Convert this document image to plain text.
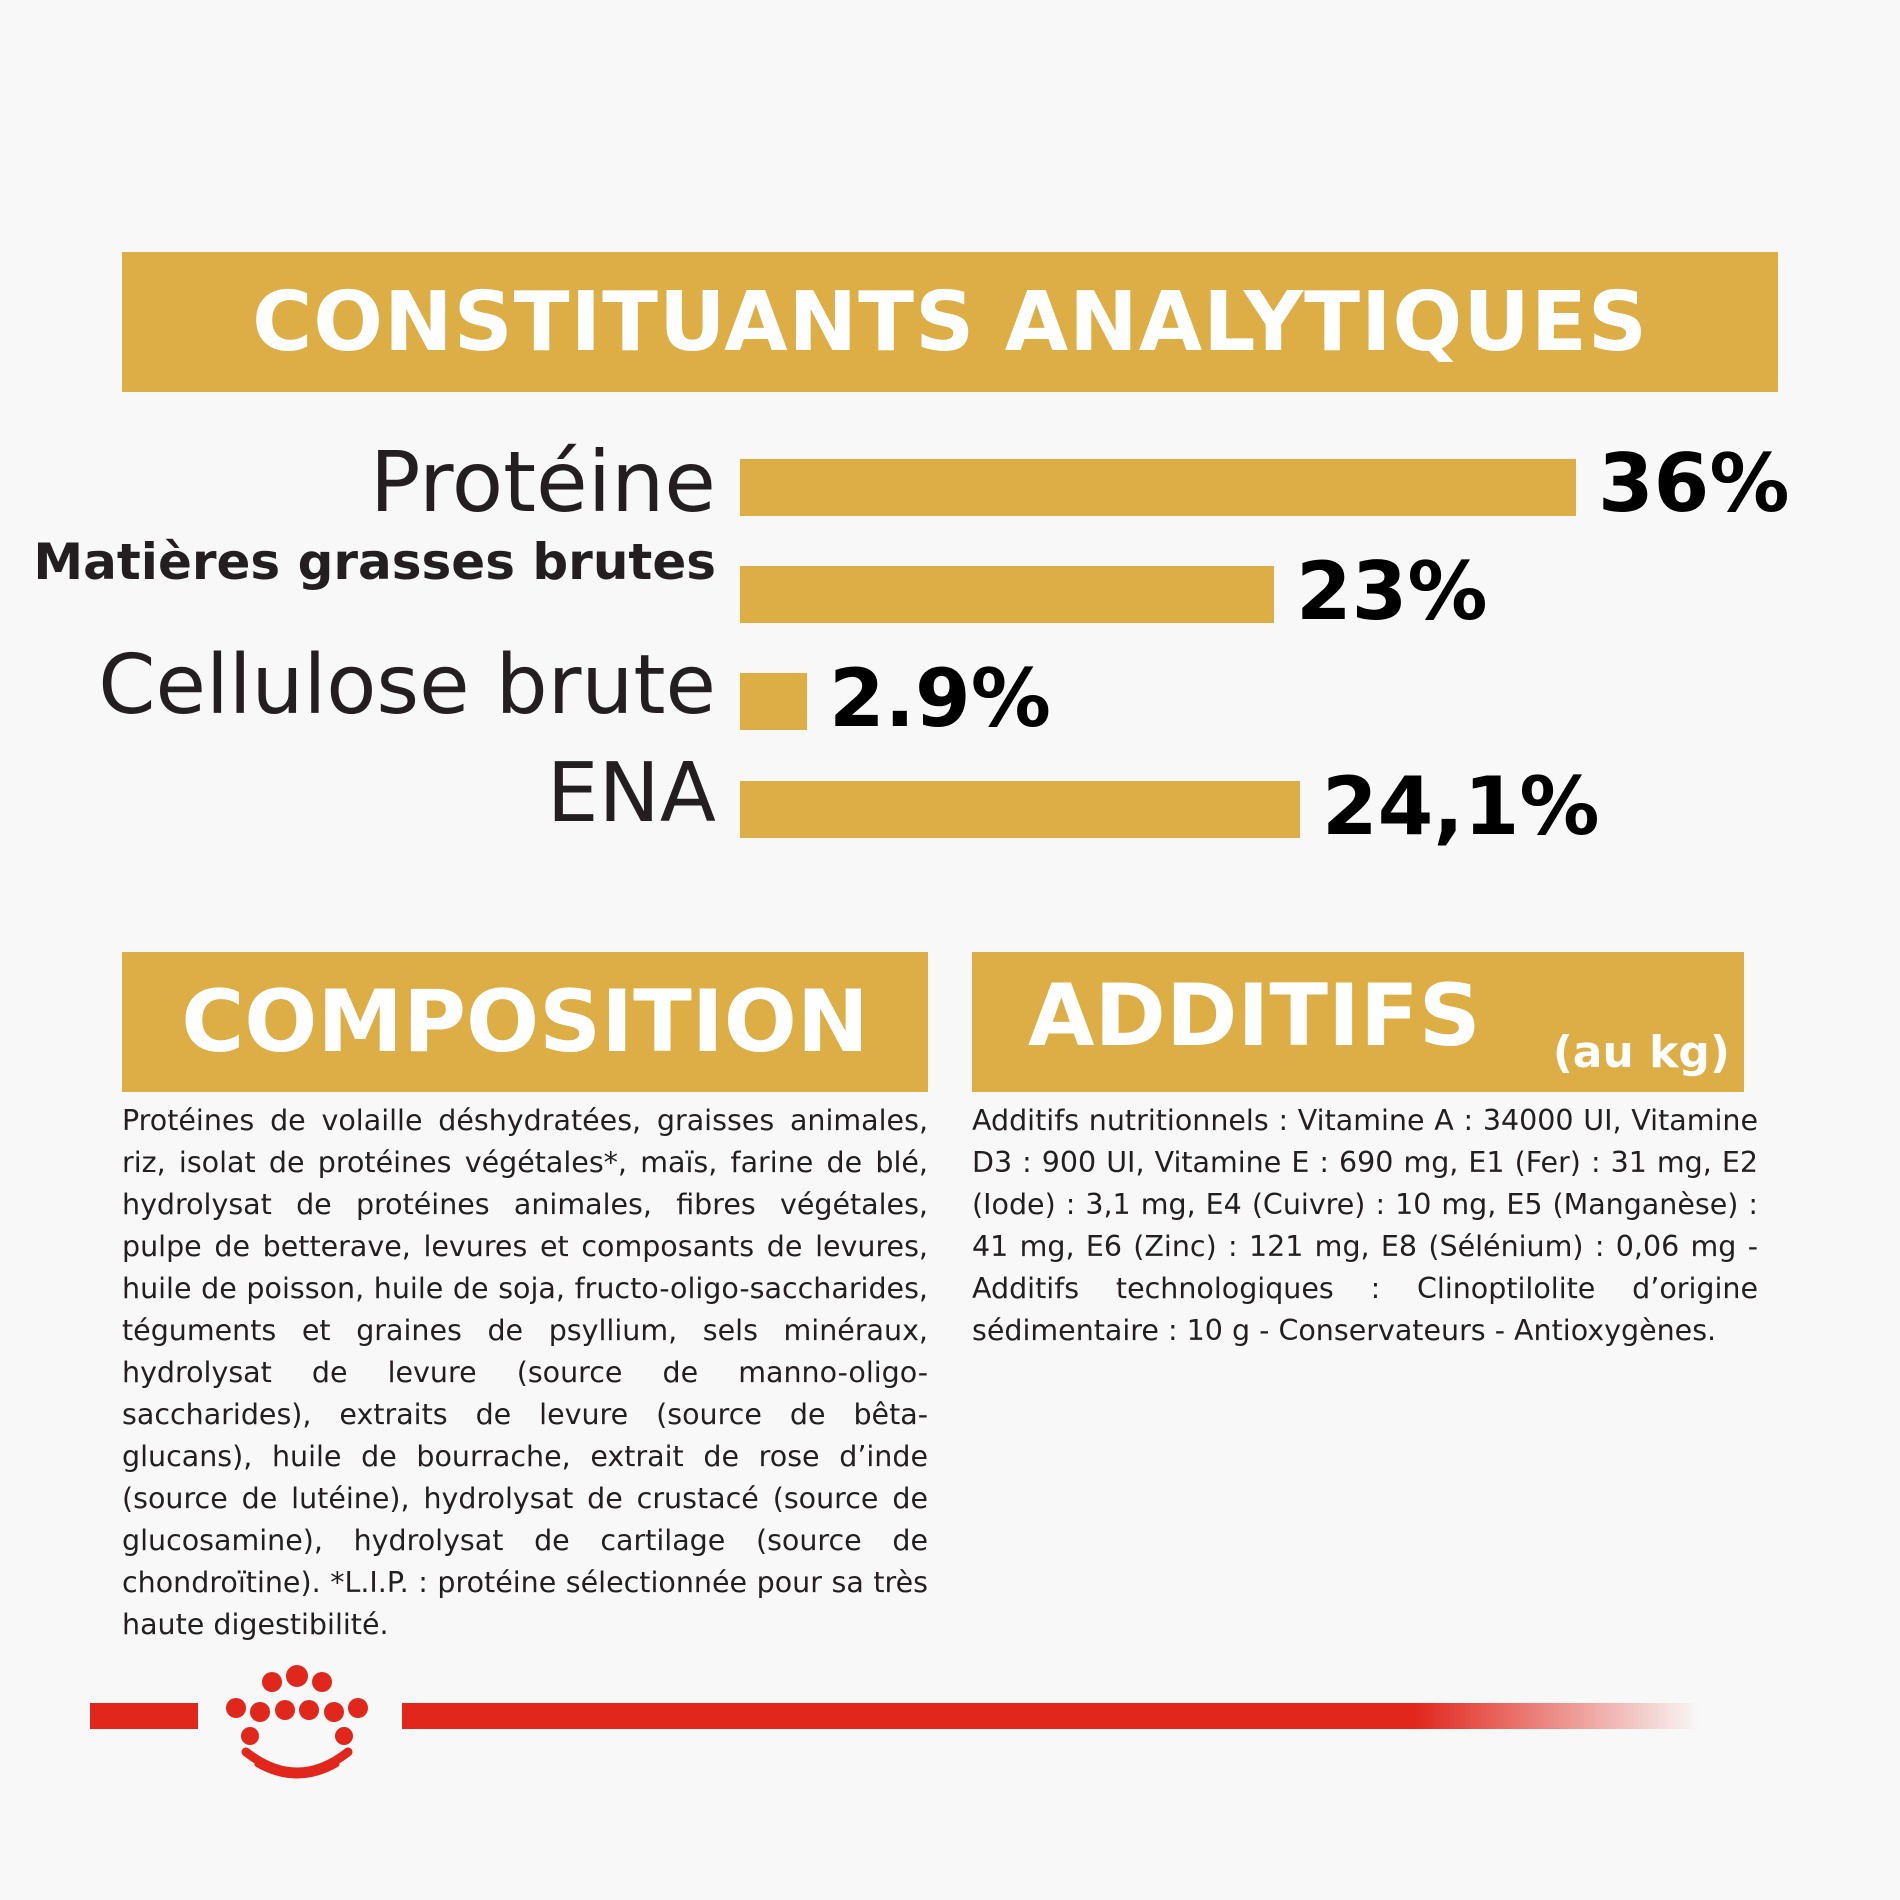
CONSTITUANTS ANALYTIQUES
Protéine	36%
Matières grasses brutes	23%
Cellulose brute 2.9%
ENA	24,1%
COMPOSITION
Protéines de volaille déshydratées, graisses animales, riz, isolat de protéines végétales*, maïs, farine de blé, hydrolysat de protéines animales, fibres végétales, pulpe de betterave, levures et composants de levures, huile de poisson, huile de soja, fructo-oligo-saccharides, téguments et graines de psyllium, sels minéraux, hydrolysat de levure (source de manno-oligo-saccharides), extraits de levure (source de bêta-glucans), huile de bourrache, extrait de rose d’inde (source de lutéine), hydrolysat de crustacé (source de glucosamine), hydrolysat de cartilage (source de chondroïtine). *L.I.P. : protéine sélectionnée pour sa très haute digestibilité.
ADDITIFS (au kg)
Additifs nutritionnels : Vitamine A : 34000 UI, Vitamine D3 : 900 UI, Vitamine E : 690 mg, E1 (Fer) : 31 mg, E2 (Iode) : 3,1 mg, E4 (Cuivre) : 10 mg, E5 (Manganèse) : 41 mg, E6 (Zinc) : 121 mg, E8 (Sélénium) : 0,06 mg - Additifs technologiques : Clinoptilolite d’origine sédimentaire : 10 g - Conservateurs - Antioxygènes.
